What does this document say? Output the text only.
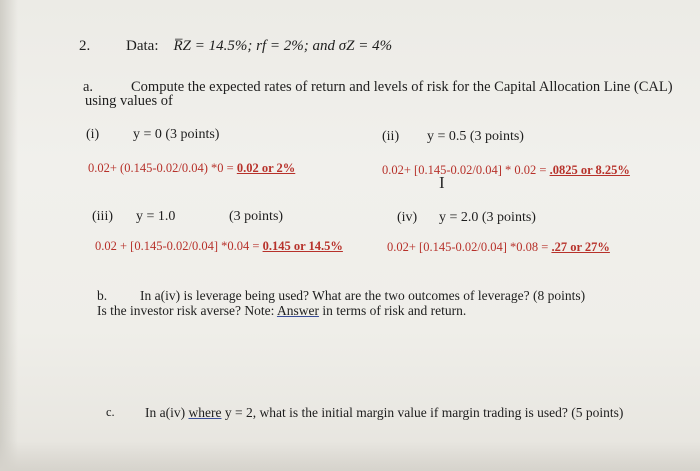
2. Data: R̅Z = 14.5%; rf = 2%; and σZ = 4%
a.	Compute the expected rates of return and levels of risk for the Capital Allocation Line (CAL)
using values of
(i) y = 0 (3 points)
0.02+ (0.145-0.02/0.04) *0 = 0.02 or 2%
(ii) y = 0.5 (3 points)
0.02+ [0.145-0.02/0.04] * 0.02 = .0825 or 8.25%
I
(iii) y = 1.0	(3 points)
0.02 + [0.145-0.02/0.04] *0.04 = 0.145 or 14.5%
(iv) y = 2.0 (3 points)
0.02+ [0.145-0.02/0.04] *0.08 = .27 or 27%
b. In a(iv) is leverage being used? What are the two outcomes of leverage? (8 points)
Is the investor risk averse? Note: Answer in terms of risk and return.
c. In a(iv) where y = 2, what is the initial margin value if margin trading is used? (5 points)
